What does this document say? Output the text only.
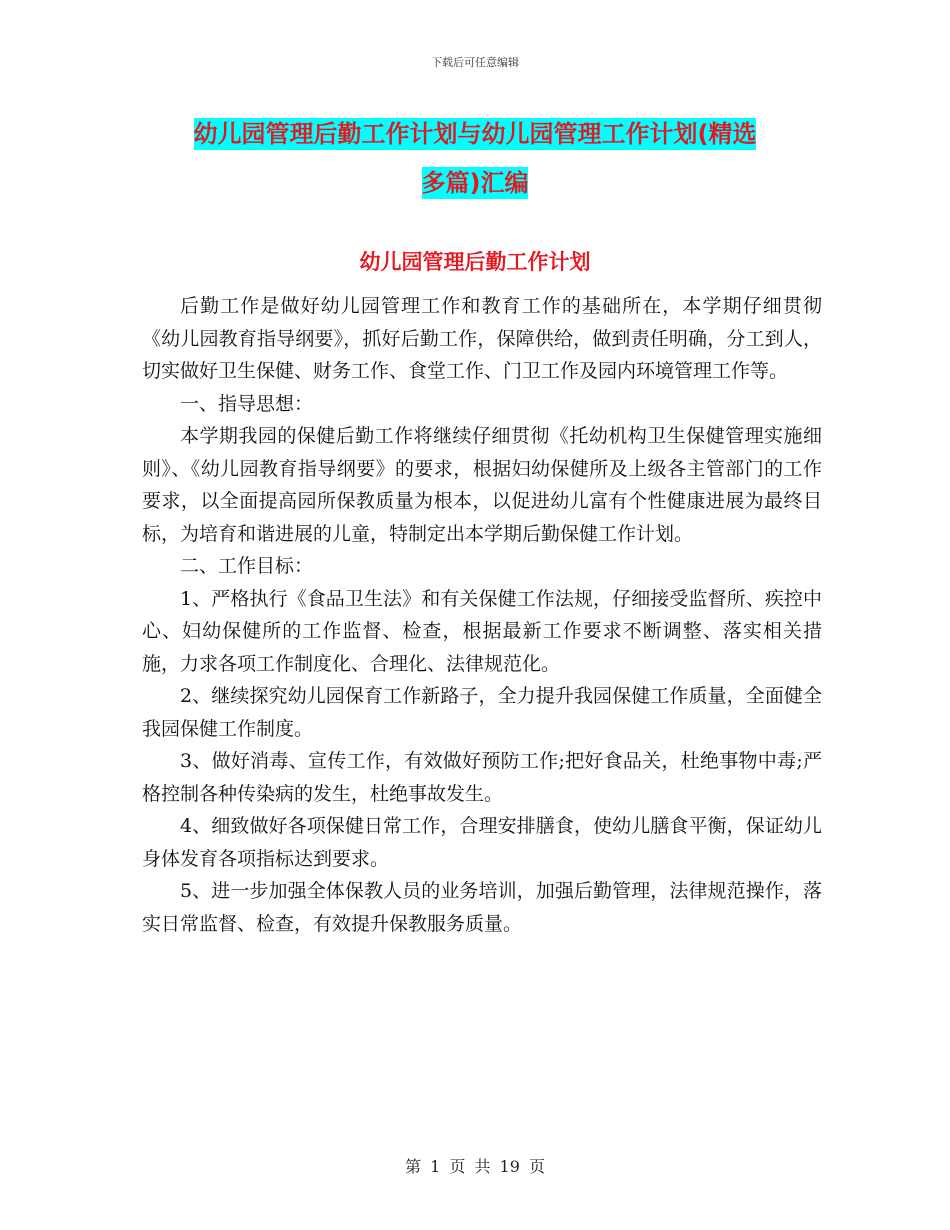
下载后可任意编辑
幼儿园管理后勤工作计划与幼儿园管理工作计划(精选
多篇)汇编
幼儿园管理后勤工作计划

后勤工作是做好幼儿园管理工作和教育工作的基础所在，本学期仔细贯彻《幼儿园教育指导纲要》，抓好后勤工作，保障供给，做到责任明确，分工到人，切实做好卫生保健、财务工作、食堂工作、门卫工作及园内环境管理工作等。

一、指导思想：

本学期我园的保健后勤工作将继续仔细贯彻《托幼机构卫生保健管理实施细则》、《幼儿园教育指导纲要》的要求，根据妇幼保健所及上级各主管部门的工作要求，以全面提高园所保教质量为根本，以促进幼儿富有个性健康进展为最终目标，为培育和谐进展的儿童，特制定出本学期后勤保健工作计划。

二、工作目标：

1、严格执行《食品卫生法》和有关保健工作法规，仔细接受监督所、疾控中心、妇幼保健所的工作监督、检查，根据最新工作要求不断调整、落实相关措施，力求各项工作制度化、合理化、法律规范化。

2、继续探究幼儿园保育工作新路子，全力提升我园保健工作质量，全面健全我园保健工作制度。

3、做好消毒、宣传工作，有效做好预防工作;把好食品关，杜绝事物中毒;严格控制各种传染病的发生，杜绝事故发生。

4、细致做好各项保健日常工作，合理安排膳食，使幼儿膳食平衡，保证幼儿身体发育各项指标达到要求。

5、进一步加强全体保教人员的业务培训，加强后勤管理，法律规范操作，落实日常监督、检查，有效提升保教服务质量。

第 1 页 共 19 页
